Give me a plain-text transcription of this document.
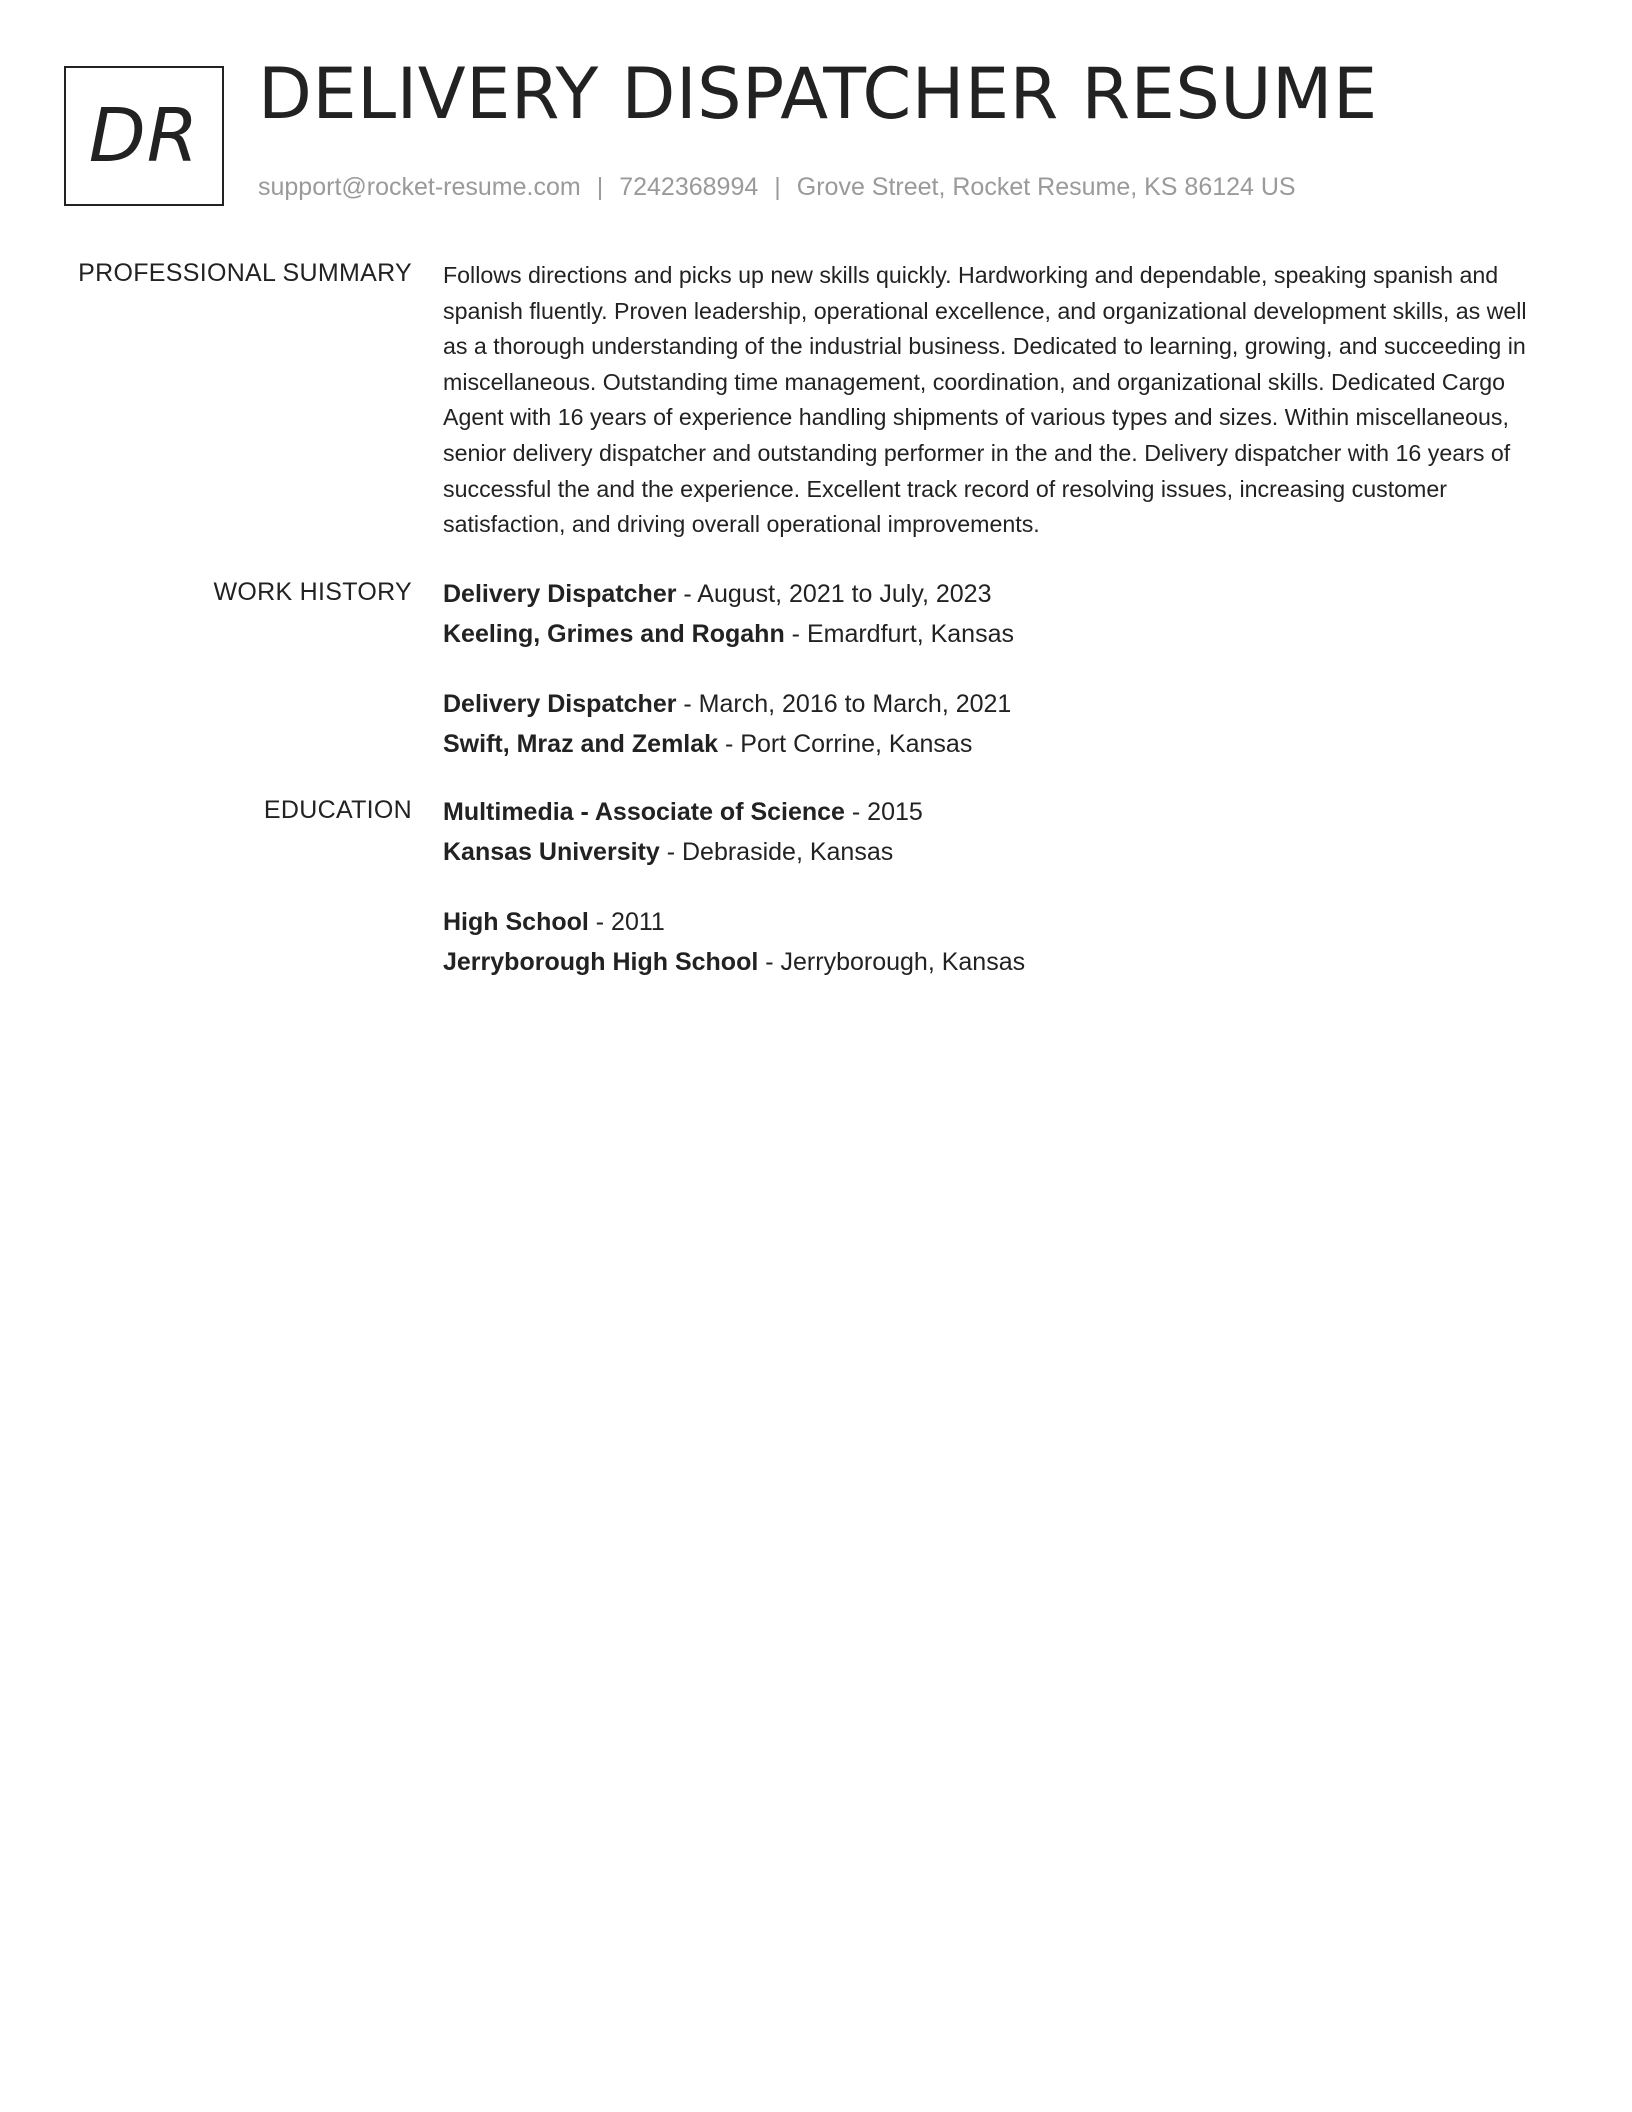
DR DELIVERY DISPATCHER RESUME
support@rocket-resume.com | 7242368994 | Grove Street, Rocket Resume, KS 86124 US
PROFESSIONAL SUMMARY Follows directions and picks up new skills quickly. Hardworking and dependable, speaking spanish and spanish fluently. Proven leadership, operational excellence, and organizational development skills, as well as a thorough understanding of the industrial business. Dedicated to learning, growing, and succeeding in miscellaneous. Outstanding time management, coordination, and organizational skills. Dedicated Cargo Agent with 16 years of experience handling shipments of various types and sizes. Within miscellaneous, senior delivery dispatcher and outstanding performer in the and the. Delivery dispatcher with 16 years of successful the and the experience. Excellent track record of resolving issues, increasing customer satisfaction, and driving overall operational improvements.

WORK HISTORY Delivery Dispatcher - August, 2021 to July, 2023
Keeling, Grimes and Rogahn - Emardfurt, Kansas
Delivery Dispatcher - March, 2016 to March, 2021
Swift, Mraz and Zemlak - Port Corrine, Kansas
EDUCATION Multimedia - Associate of Science - 2015
Kansas University - Debraside, Kansas
High School - 2011
Jerryborough High School - Jerryborough, Kansas
